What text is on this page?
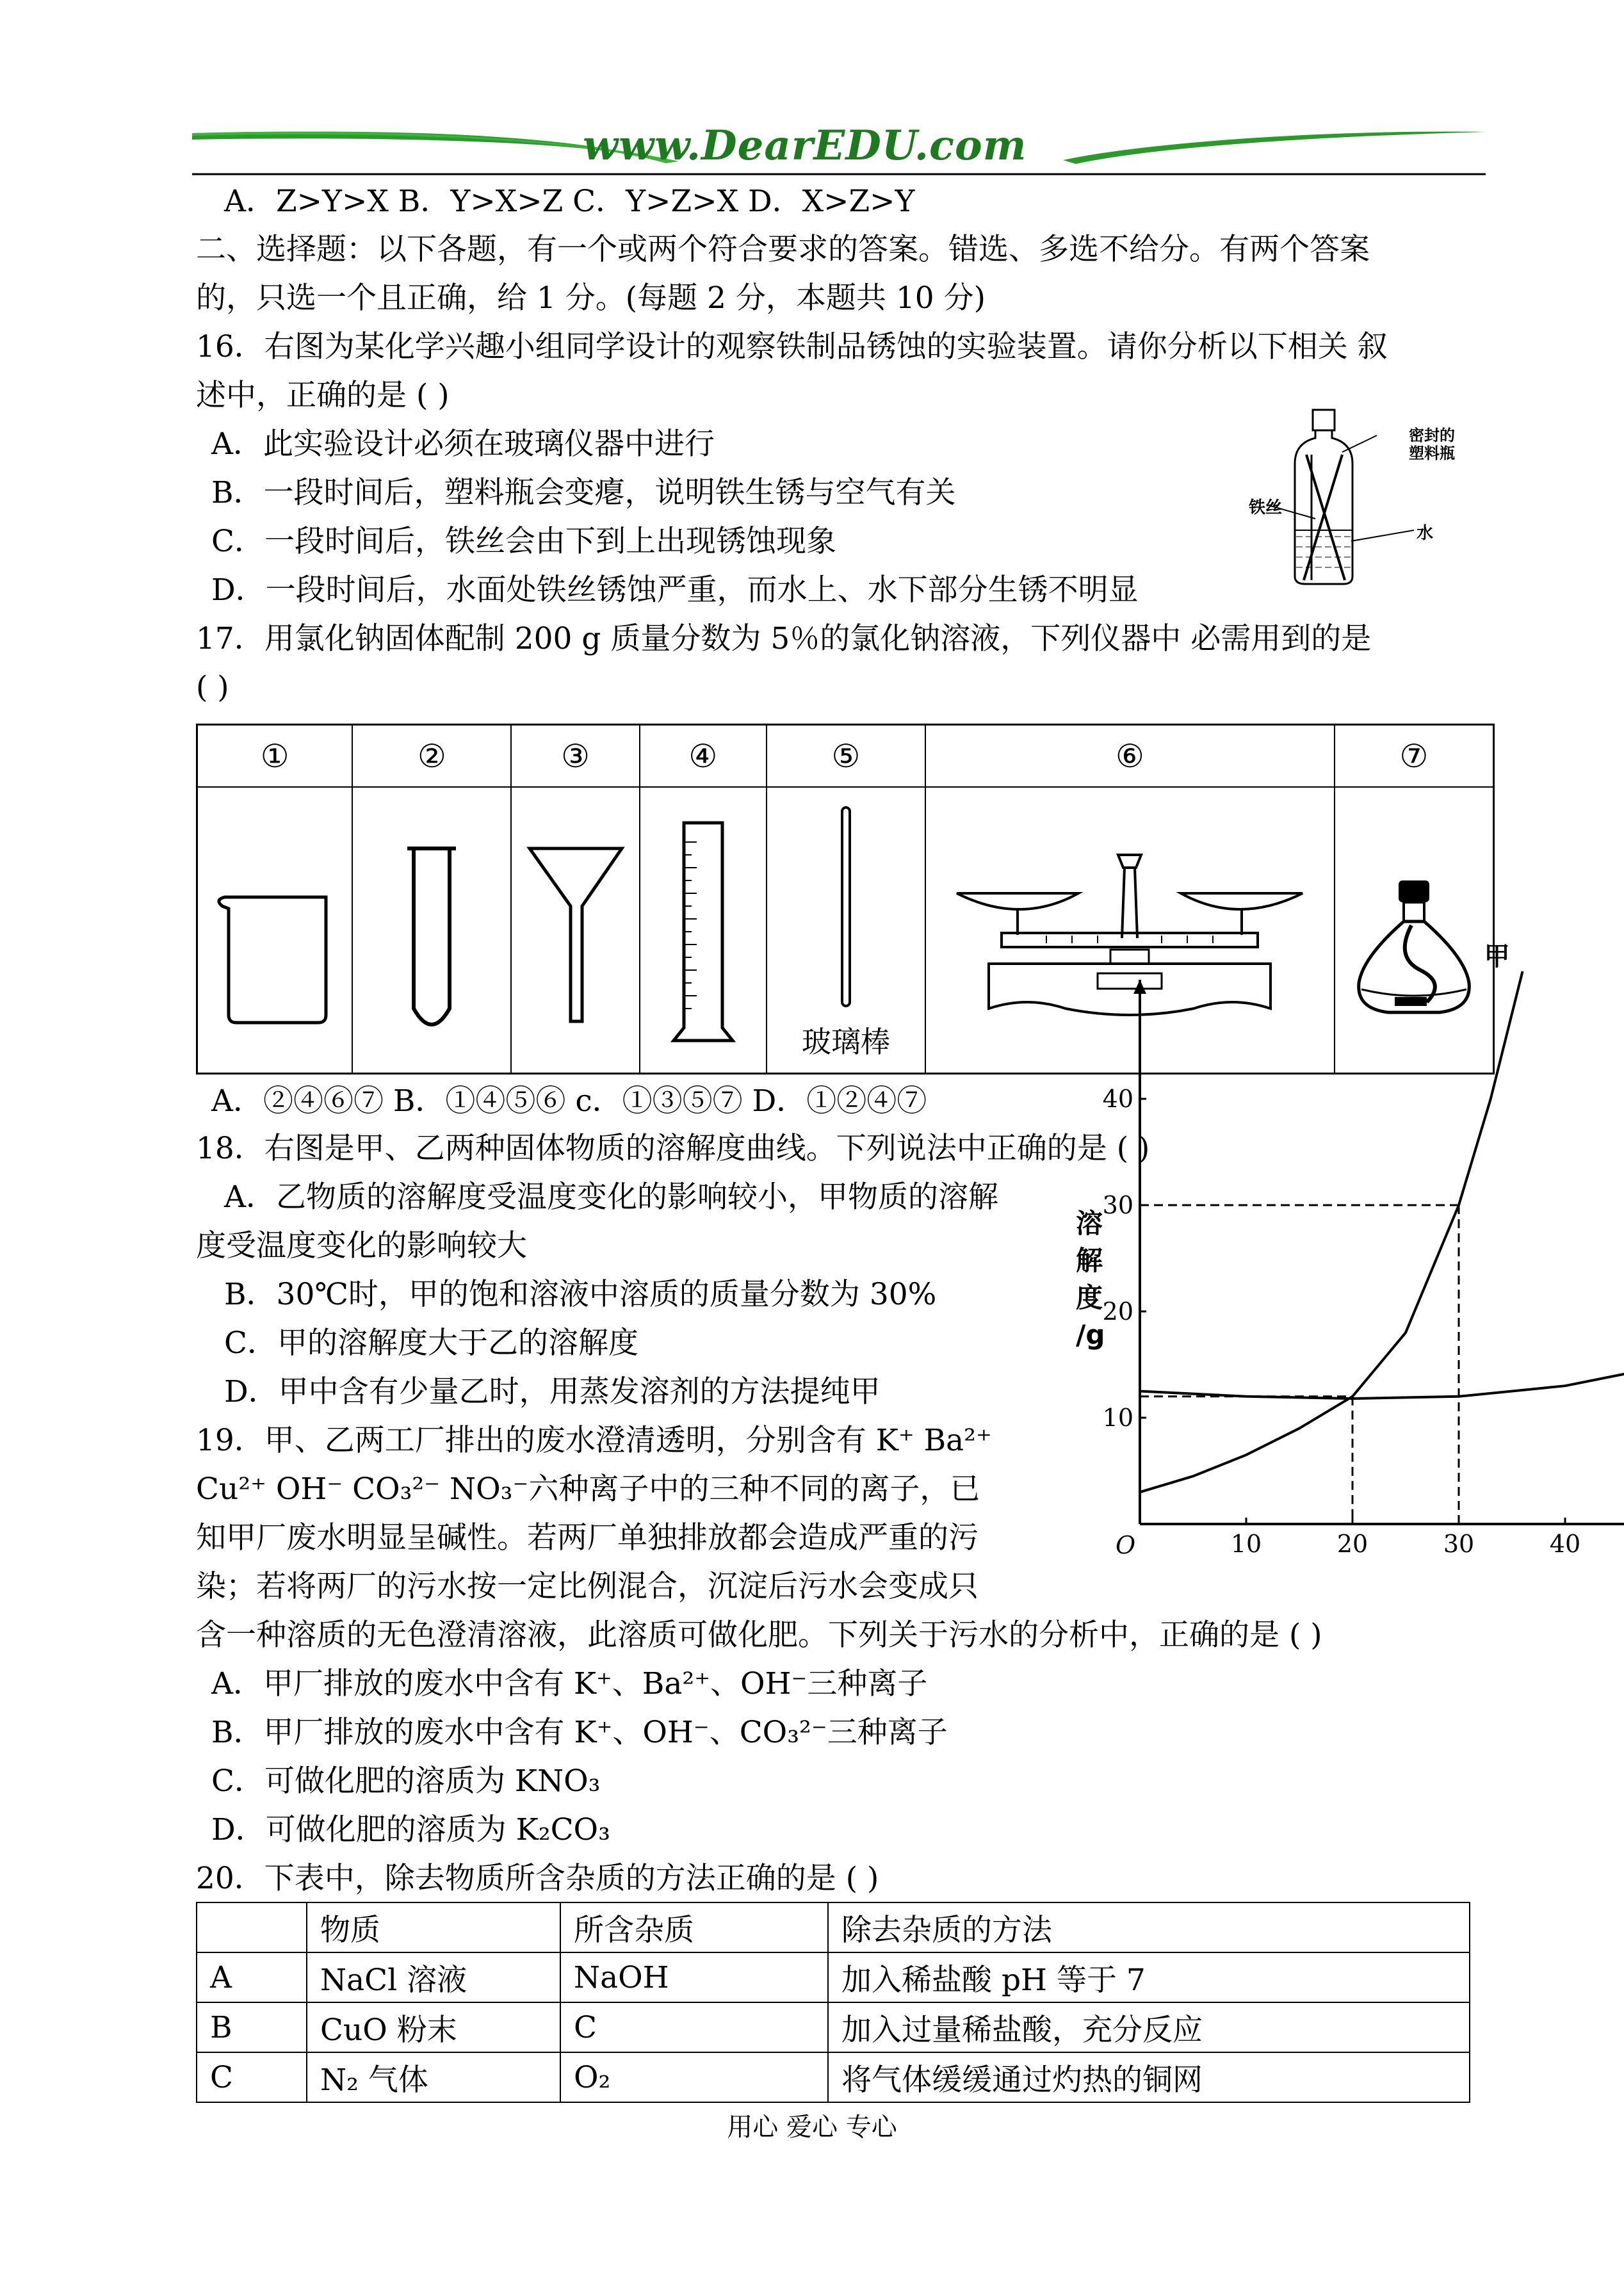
www.DearEDU.com
A．Z>Y>X B．Y>X>Z C．Y>Z>X D．X>Z>Y
二、选择题：以下各题，有一个或两个符合要求的答案。错选、多选不给分。有两个答案
的，只选一个且正确，给 1 分。(每题 2 分，本题共 10 分)
16．右图为某化学兴趣小组同学设计的观察铁制品锈蚀的实验装置。请你分析以下相关 叙
述中，正确的是 ( )
A．此实验设计必须在玻璃仪器中进行
B．一段时间后，塑料瓶会变瘪，说明铁生锈与空气有关
C．一段时间后，铁丝会由下到上出现锈蚀现象
D．一段时间后，水面处铁丝锈蚀严重，而水上、水下部分生锈不明显
密封的
塑料瓶
铁丝
水
17．用氯化钠固体配制 200 g 质量分数为 5％的氯化钠溶液，下列仪器中 必需用到的是
( )
①	②	③	④	⑤	⑥	⑦

玻璃棒

A．②④⑥⑦ B．①④⑤⑥ c．①③⑤⑦ D．①②④⑦
18．右图是甲、乙两种固体物质的溶解度曲线。下列说法中正确的是 ( )
A．乙物质的溶解度受温度变化的影响较小，甲物质的溶解
度受温度变化的影响较大
B．30℃时，甲的饱和溶液中溶质的质量分数为 30%
C．甲的溶解度大于乙的溶解度
D．甲中含有少量乙时，用蒸发溶剂的方法提纯甲
10	20	30	40
10
20
30
40
O
溶
解
度
/g
甲
19．甲、乙两工厂排出的废水澄清透明，分别含有 K⁺ Ba²⁺
Cu²⁺ OH⁻ CO₃²⁻ NO₃⁻六种离子中的三种不同的离子，已
知甲厂废水明显呈碱性。若两厂单独排放都会造成严重的污
染；若将两厂的污水按一定比例混合，沉淀后污水会变成只
含一种溶质的无色澄清溶液，此溶质可做化肥。下列关于污水的分析中，正确的是 ( )
A．甲厂排放的废水中含有 K⁺、Ba²⁺、OH⁻三种离子
B．甲厂排放的废水中含有 K⁺、OH⁻、CO₃²⁻三种离子
C．可做化肥的溶质为 KNO₃
D．可做化肥的溶质为 K₂CO₃
20．下表中，除去物质所含杂质的方法正确的是 ( )
	物质	所含杂质	除去杂质的方法
A	NaCl 溶液	NaOH	加入稀盐酸 pH 等于 7
B	CuO 粉末	C	加入过量稀盐酸，充分反应
C	N₂ 气体	O₂	将气体缓缓通过灼热的铜网
用心 爱心 专心
